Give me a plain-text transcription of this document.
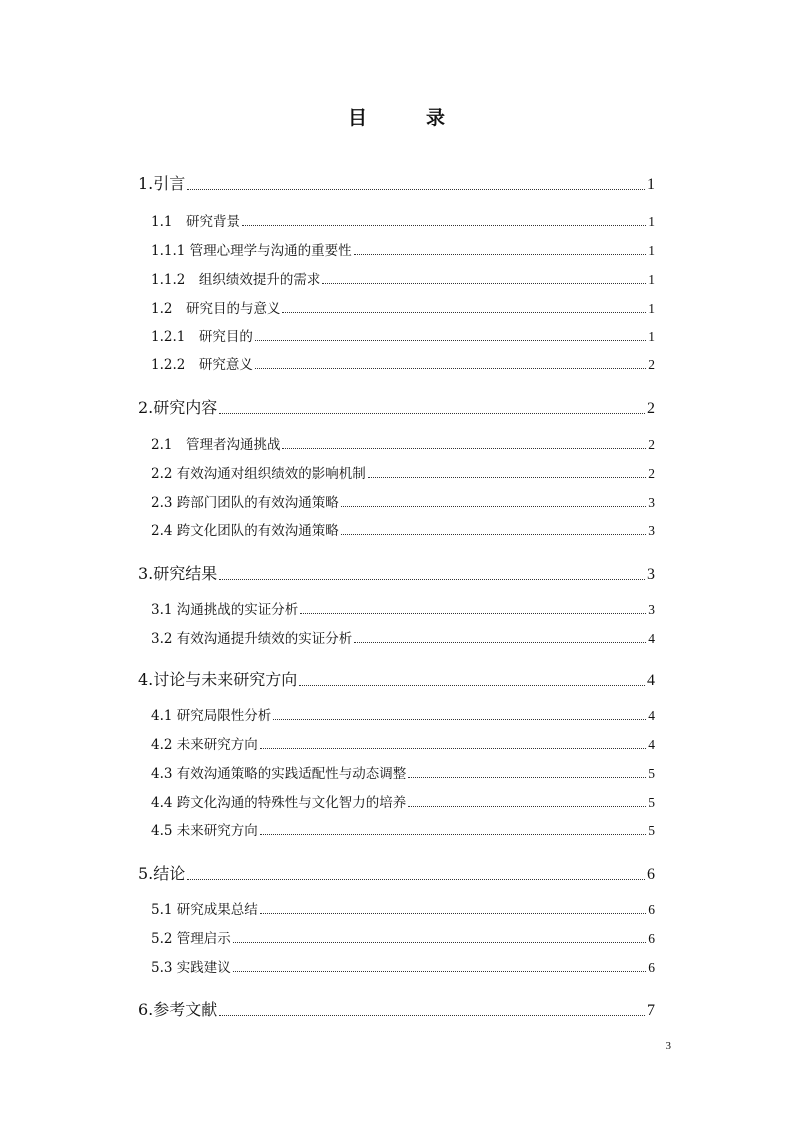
目　录
1.引言	1
1.1　研究背景	1
1.1.1 管理心理学与沟通的重要性	1
1.1.2　组织绩效提升的需求	1
1.2　研究目的与意义	1
1.2.1　研究目的	1
1.2.2　研究意义	2
2.研究内容	2
2.1　管理者沟通挑战	2
2.2 有效沟通对组织绩效的影响机制	2
2.3 跨部门团队的有效沟通策略	3
2.4 跨文化团队的有效沟通策略	3
3.研究结果	3
3.1 沟通挑战的实证分析	3
3.2 有效沟通提升绩效的实证分析	4
4.讨论与未来研究方向	4
4.1 研究局限性分析	4
4.2 未来研究方向	4
4.3 有效沟通策略的实践适配性与动态调整	5
4.4 跨文化沟通的特殊性与文化智力的培养	5
4.5 未来研究方向	5
5.结论	6
5.1 研究成果总结	6
5.2 管理启示	6
5.3 实践建议	6
6.参考文献	7
3
